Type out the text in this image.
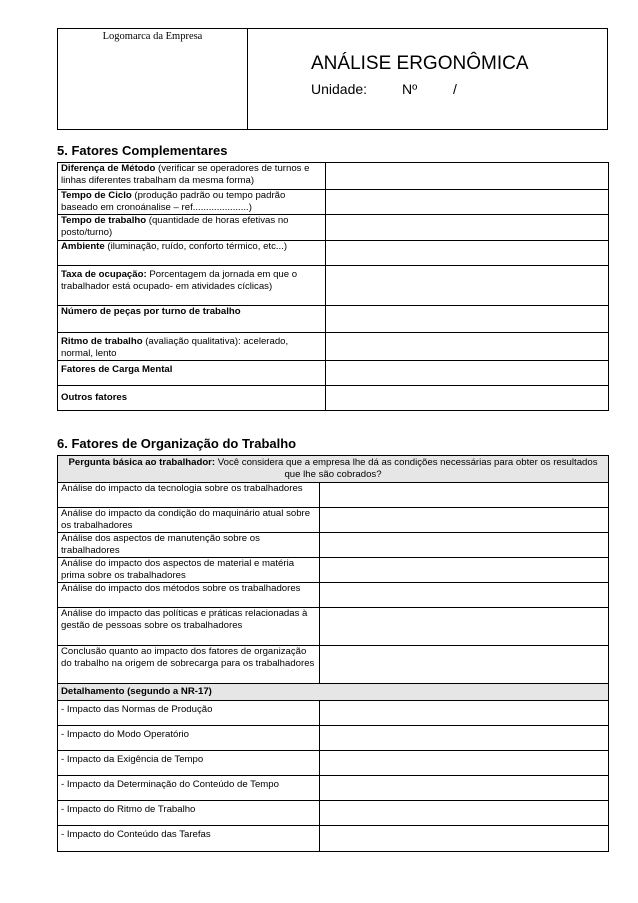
Logomarca da Empresa
ANÁLISE ERGONÔMICA
Unidade: Nº	/
5. Fatores Complementares
Diferença de Método (verificar se operadores de turnos e linhas diferentes trabalham da mesma forma)	
Tempo de Ciclo (produção padrão ou tempo padrão baseado em cronoánalise – ref.....................)	
Tempo de trabalho (quantidade de horas efetivas no posto/turno)	
Ambiente (iluminação, ruído, conforto térmico, etc...)	
Taxa de ocupação: Porcentagem da jornada em que o trabalhador está ocupado- em atividades cíclicas)	
Número de peças por turno de trabalho	
Ritmo de trabalho (avaliação qualitativa): acelerado, normal, lento	
Fatores de Carga Mental	
Outros fatores	
6. Fatores de Organização do Trabalho
Pergunta básica ao trabalhador: Você considera que a empresa lhe dá as condições necessárias para obter os resultados que lhe são cobrados?	
Análise do impacto da tecnologia sobre os trabalhadores	
Análise do impacto da condição do maquinário atual sobre os trabalhadores	
Análise dos aspectos de manutenção sobre os trabalhadores	
Análise do impacto dos aspectos de material e matéria prima sobre os trabalhadores	
Análise do impacto dos métodos sobre os trabalhadores	
Análise do impacto das políticas e práticas relacionadas à gestão de pessoas sobre os trabalhadores	
Conclusão quanto ao impacto dos fatores de organização do trabalho na origem de sobrecarga para os trabalhadores	
Detalhamento (segundo a NR-17)	
- Impacto das Normas de Produção	
- Impacto do Modo Operatório	
- Impacto da Exigência de Tempo	
- Impacto da Determinação do Conteúdo de Tempo	
- Impacto do Ritmo de Trabalho	
- Impacto do Conteúdo das Tarefas	
